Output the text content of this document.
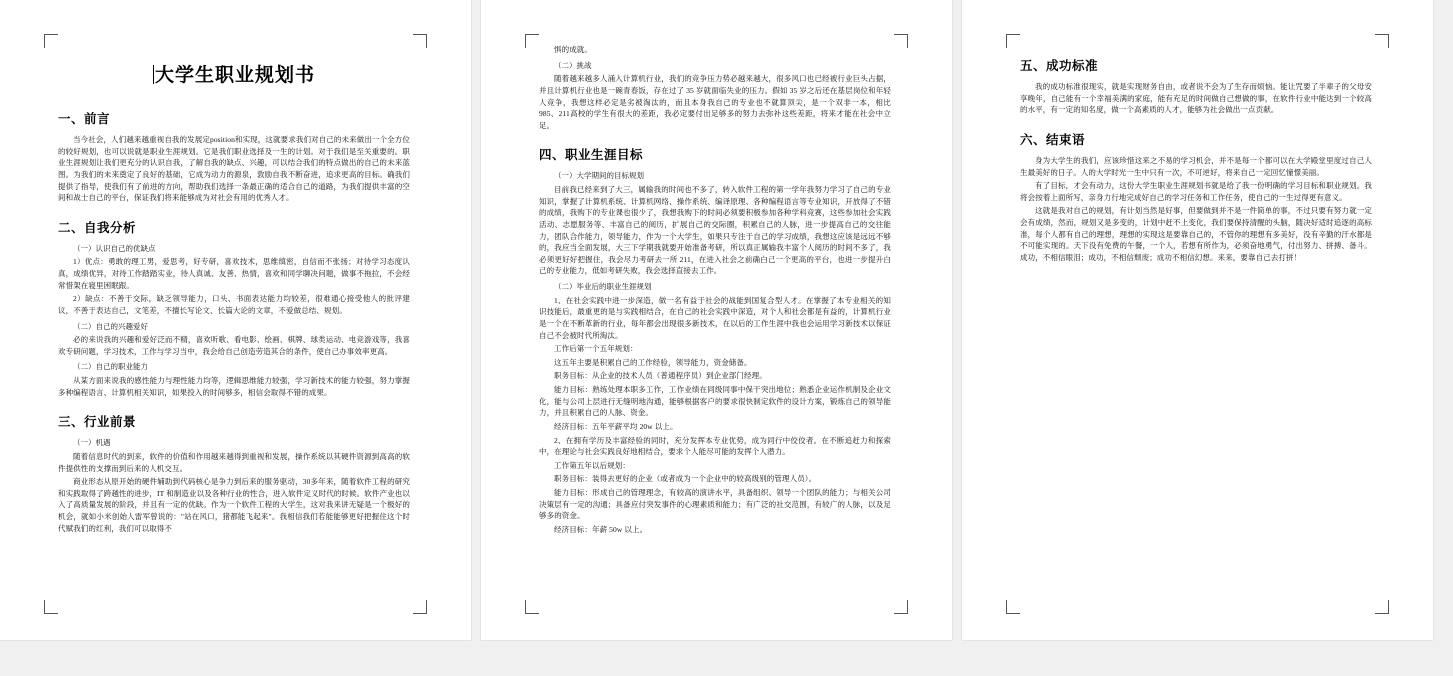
大学生职业规划书
一、前言

当今社会，人们越来越重视自我的发展定position和实现，这就要求我们对自己的未来做出一个全方位的较好规划，也可以说就是职业生涯规划。它是我们职业选择及一生的计划。对于我们是至关重要的。职业生涯规划让我们更充分的认识自我，了解自我的缺点、兴趣，可以结合我们的特点做出的自己的未来蓝图。为我们的未来奠定了良好的基础，它成为动力的源泉，敦励自我不断奋进，追求更高的目标。确我们提供了指导，使我们有了前进的方向，帮助我们选择一条最正确的适合自己的道路，为我们提供丰富的空间和战士自己的平台，保证我们将来能够成为对社会有用的优秀人才。

二、自我分析
（一）认识自己的优缺点

1）优点：勇敢的理工男，爱思考，好专研，喜欢技术，思维缜密，自信而不张扬；对待学习态度认真，成绩优异，对待工作踏踏实业，待人真诚、友善、热情，喜欢和同学聊决问题，做事不拖拉，不会经常惜架在寝里困眠跟。

2）缺点：不善于交际，缺乏领导能力，口头、书面表达能力均较差，很难通心接受他人的批评建议，不善于表达自己，文笔差，不擅长写论文、长篇大论的文章，不爱做总结、规划。

（二）自己的兴趣爱好

必的来说我的兴趣和爱好泛而不精，喜欢听歌、看电影、绘画、棋牌、球类运动、电竞游戏等，我喜欢专研问题，学习技术，工作与学习当中，我会给自己创造劳造其合的条件，使自己办事效率更高。

（二）自己的职业能力

从某方面来说我的感性能力与理性能力均等，逻辑思维能力较强，学习新技术的能力较强，努力掌握多种编程语言、计算机相关知识，如果投入的时间够多，相信会取得不错的成果。

三、行业前景
（一）机遇

随着信息时代的到来，软件的价值和作用越来越得到重视和发展，操作系统以其硬件资源到高高的软件提供性的支撑而到后来的人机交互。

商业形态从原开始的硬件辅助到代码核心是争力到后来的服务驱动，30多年来，随着软件工程的研究和实践取得了跨越性的进步，IT 和制造业以及各种行业的性合，进入软件定义时代的时候。软件产业也以入了高质量发展的阶段，并且有一定的优缺。作为一个软件工程的大学生，这对我来讲无疑是一个极好的机会，就如小米创始人雷军曾说的："站在风口，猪都能飞起来"。我相信我们若能能够更好把握住这个时代赋我们的红利，我们可以取得不

惧的成就。

（二）挑战

随着越来越多人涌入计算机行业，我们的竞争压力势必越来越大，很多风口也已经被行业巨头占据，并且计算机行业也是一碗青春饭，存在过了 35 岁就面临失业的压力。假如 35 岁之后还在基层岗位和年轻人竞争，我想这样必定是劣被淘汰的，而且本身我自己的专业也不就算顶尖，是一个双非一本，相比 985、211高校的学生有很大的差距，我必定要付出足够多的努力去弥补这些差距，将来才能在社会中立足。

四、职业生涯目标
（一）大学期间的目标规划

目前我已经来到了大三，属输我的时间也不多了，转入软件工程的第一学年我努力学习了自己的专业知识，掌握了计算机系统、计算机网络、操作系统、编译原理、各种编程语言等专业知识，开放得了不错的成绩，我购下的专业课也很少了，我想我购下的时间必须要积极参加各种学科竞赛，这些参加社会实践活动、志愿服务等、丰富自己的阅历，扩展自己的交际圈，积累自己的人脉，进一步提高自己的交往能力，团队合作能力，领导能力，作为一个大学生，如果只专注于自己的学习成绩，我想这应该是远远不够的，我应当全面发展，大三下学期我就要开始准备考研，所以真正属输我丰富个人阅历的时间不多了，我必须更好好把握住，我会尽力考研去一所 211，在进入社会之前确白己一个更高的平台，也进一步提升白己的专业能力，低如考研失败，我会选择直接去工作。

（二）毕业后的职业生涯规划

1、在社会实践中进一步深造，做一名有益于社会的战能到国复合型人才。在掌握了本专业相关的知识技能后，最重更的是与实践相结合，在自己的社会实践中深造，对个人和社会都是有益的，计算机行业是一个在不断革新的行业，每年都会出现很多新技术，在以后的工作生涯中我也会运用学习新技术以保证自己不会被时代所淘汰。

工作后第一个五年规划：

这五年主要是积累自己的工作经验，领导能力，资金储备。

职务目标：从企业的技术人员（普通程序员）到企业部门经理。

能力目标：熟练处理本职多工作，工作业绩在同级同事中保干突出地位；熟悉企业运作机制及企业文化，能与公司上层进行无缝明地沟通，能够根据客户的要求很快制定软件的设计方案，锻炼自己的领导能力，并且积累自己的人脉、资金。

经济目标：五年平薪平均 20w 以上。

2、在拥有学历及丰富经验的同时，充分发挥本专业优势，成为同行中佼佼者。在不断追赶力和探索中，在理论与社会实践良好地相结合，要求个人能尽可能的发挥个人潜力。

工作第五年以后规划：

职务目标：装得去更好的企业（或者成为一个企业中的较高级别的管理人员）。

能力目标：形成自己的管理理念，有较高的演讲水平，具备组织、领导一个团队的能力；与相关公司决策层有一定的沟通；具备应付突发事件的心理素质和能力；有广泛的社交范围，有较广的人脉，以及足够多的资金。

经济目标：年薪 50w 以上。

五、成功标准

我的成功标准很现实，就是实现财务自由，或者说不会为了生存而烦恼。能让咒要了半辈子的父母安享晚年，自己能有一个幸福美满的家庭，能有充足的时间做自己想做的事，在软件行业中能达到一个较高的水平，有一定的知名度，做一个高素质的人才，能够为社会做出一点贡献。

六、结束语

身为大学生的我们，应该珍惜这来之不易的学习机会，并不是每一个都可以在大学殿堂里度过自己人生最美好的日子。人的大学时光一生中只有一次，不可逆好，将来自己一定回忆憧憬美丽。

有了目标，才会有动力，这份大学生职业生涯规划书就是给了我一份明确的学习目标和职业规划。我将会按着上面所写，亲身力行地完成好自己的学习任务和工作任务，使自己的一生过得更有意义。

这就是我对自己的规划，有计划当然是好事，但要做到并不是一件简单的事，不过只要有努力就一定会有成绩，然而，规划又是多变的，计划中赶不上变化，我们要保持清醒的头脑，随决好适时追逐的高标准，每个人都有自己的理想，理想的实现这是要靠自己的，不管你的理想有多美好，没有辛勤的汗水都是不可能实现的。天下没有免费的午餐，一个人，若想有所作为，必须奋地勇气，付出努力、拼搏、备斗。成功，不相信眼泪；成功，不相信颓废；成功不相信幻想。来来，要靠自己去打拼！
